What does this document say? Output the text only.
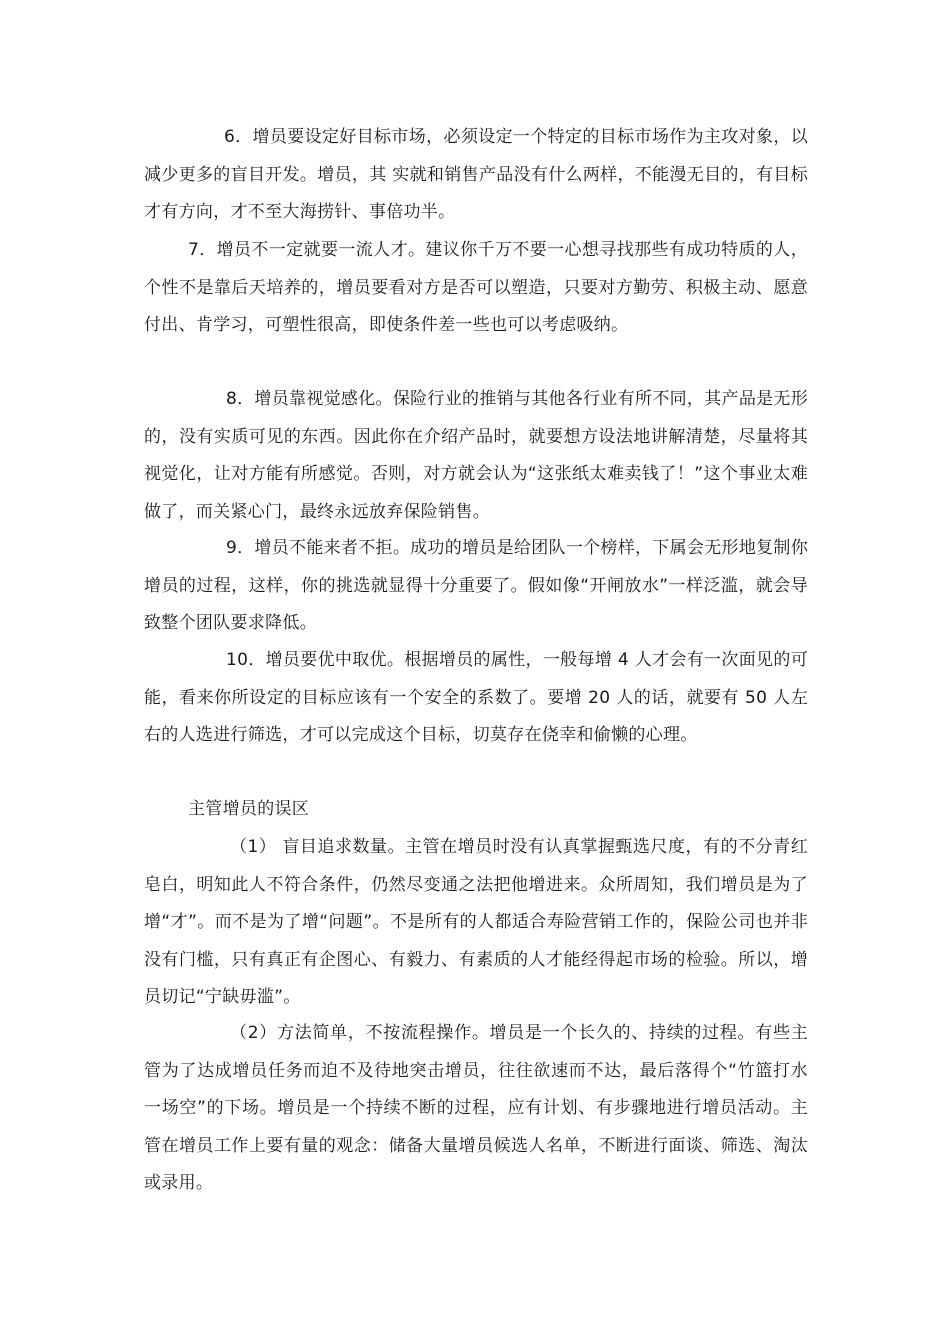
6．增员要设定好目标市场，必须设定一个特定的目标市场作为主攻对象，以减少更多的盲目开发。增员，其 实就和销售产品没有什么两样，不能漫无目的，有目标才有方向，才不至大海捞针、事倍功半。

7．增员不一定就要一流人才。建议你千万不要一心想寻找那些有成功特质的人，个性不是靠后天培养的，增员要看对方是否可以塑造，只要对方勤劳、积极主动、愿意付出、肯学习，可塑性很高，即使条件差一些也可以考虑吸纳。

8．增员靠视觉感化。保险行业的推销与其他各行业有所不同，其产品是无形的，没有实质可见的东西。因此你在介绍产品时，就要想方设法地讲解清楚，尽量将其视觉化，让对方能有所感觉。否则，对方就会认为“这张纸太难卖钱了！”这个事业太难做了，而关紧心门，最终永远放弃保险销售。

9．增员不能来者不拒。成功的增员是给团队一个榜样，下属会无形地复制你增员的过程，这样，你的挑选就显得十分重要了。假如像“开闸放水”一样泛滥，就会导致整个团队要求降低。

10．增员要优中取优。根据增员的属性，一般每增 4 人才会有一次面见的可能，看来你所设定的目标应该有一个安全的系数了。要增 20 人的话，就要有 50 人左右的人选进行筛选，才可以完成这个目标，切莫存在侥幸和偷懒的心理。

主管增员的误区

（1） 盲目追求数量。主管在增员时没有认真掌握甄选尺度，有的不分青红皂白，明知此人不符合条件，仍然尽变通之法把他增进来。众所周知，我们增员是为了增“才”。而不是为了增“问题”。不是所有的人都适合寿险营销工作的，保险公司也并非没有门槛，只有真正有企图心、有毅力、有素质的人才能经得起市场的检验。所以，增员切记“宁缺毋滥”。

（2）方法简单，不按流程操作。增员是一个长久的、持续的过程。有些主管为了达成增员任务而迫不及待地突击增员，往往欲速而不达，最后落得个“竹篮打水一场空”的下场。增员是一个持续不断的过程，应有计划、有步骤地进行增员活动。主管在增员工作上要有量的观念：储备大量增员候选人名单，不断进行面谈、筛选、淘汰或录用。
